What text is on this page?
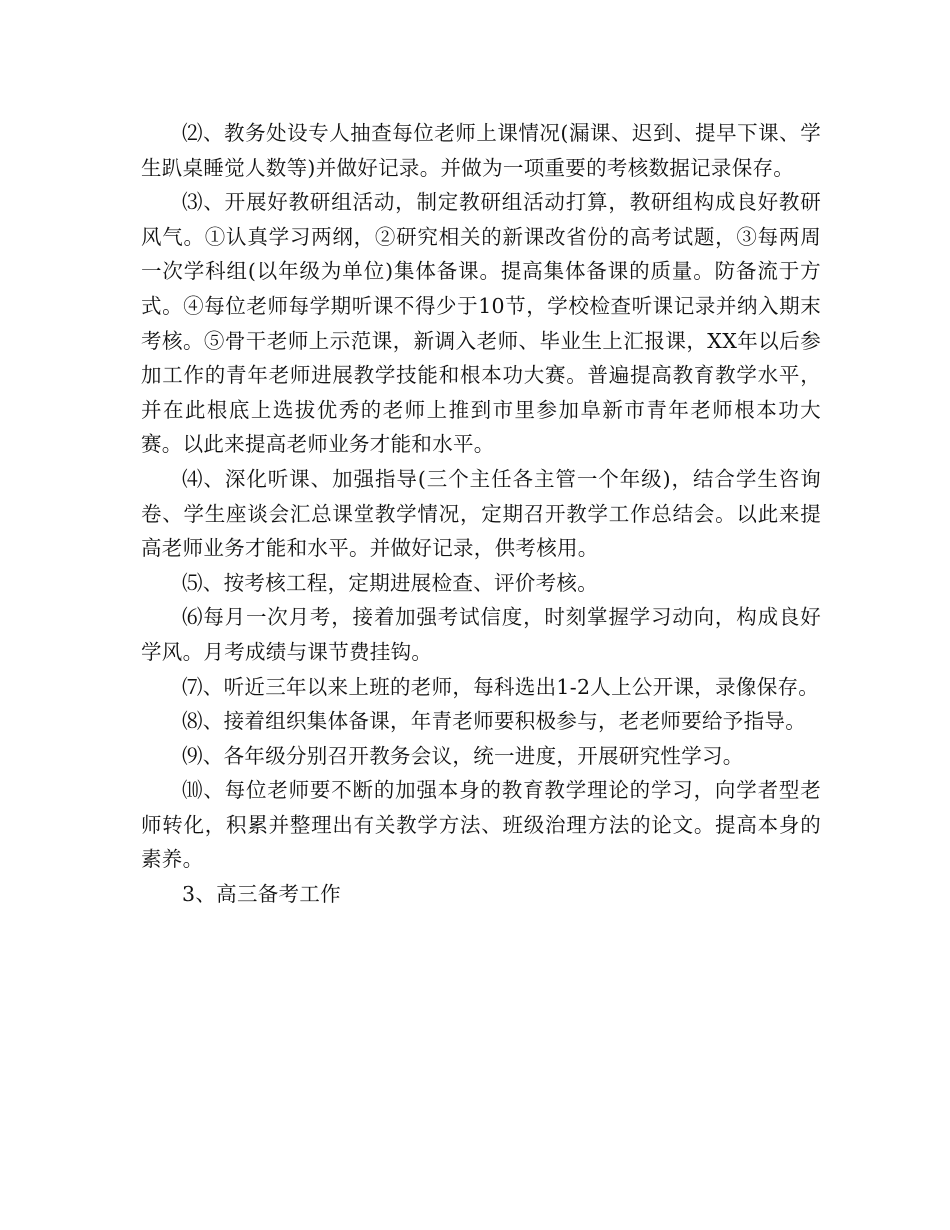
⑵、教务处设专人抽查每位老师上课情况(漏课、迟到、提早下课、学生趴桌睡觉人数等)并做好记录。并做为一项重要的考核数据记录保存。

⑶、开展好教研组活动，制定教研组活动打算，教研组构成良好教研风气。①认真学习两纲，②研究相关的新课改省份的高考试题，③每两周一次学科组(以年级为单位)集体备课。提高集体备课的质量。防备流于方式。④每位老师每学期听课不得少于10节，学校检查听课记录并纳入期末考核。⑤骨干老师上示范课，新调入老师、毕业生上汇报课，XX年以后参加工作的青年老师进展教学技能和根本功大赛。普遍提高教育教学水平，并在此根底上选拔优秀的老师上推到市里参加阜新市青年老师根本功大赛。以此来提高老师业务才能和水平。

⑷、深化听课、加强指导(三个主任各主管一个年级)，结合学生咨询卷、学生座谈会汇总课堂教学情况，定期召开教学工作总结会。以此来提高老师业务才能和水平。并做好记录，供考核用。

⑸、按考核工程，定期进展检查、评价考核。

⑹每月一次月考，接着加强考试信度，时刻掌握学习动向，构成良好学风。月考成绩与课节费挂钩。

⑺、听近三年以来上班的老师，每科选出1-2人上公开课，录像保存。

⑻、接着组织集体备课，年青老师要积极参与，老老师要给予指导。

⑼、各年级分别召开教务会议，统一进度，开展研究性学习。

⑽、每位老师要不断的加强本身的教育教学理论的学习，向学者型老师转化，积累并整理出有关教学方法、班级治理方法的论文。提高本身的素养。

3、高三备考工作
